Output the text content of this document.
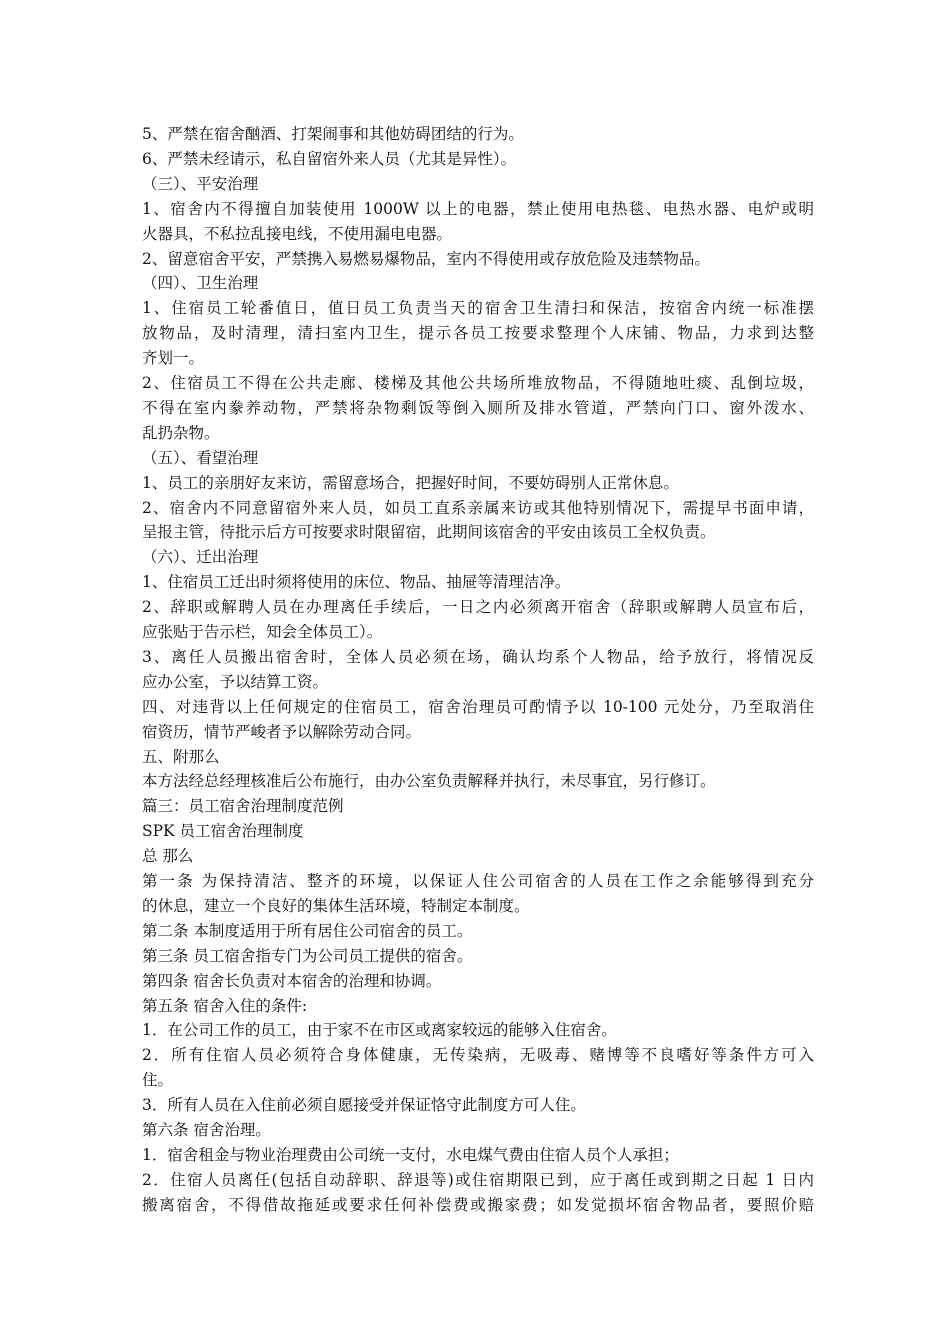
5、严禁在宿舍酗酒、打架闹事和其他妨碍团结的行为。
6、严禁未经请示，私自留宿外来人员（尤其是异性）。
（三）、平安治理
1、宿舍内不得擅自加装使用 1000W 以上的电器，禁止使用电热毯、电热水器、电炉或明
火器具，不私拉乱接电线，不使用漏电电器。
2、留意宿舍平安，严禁携入易燃易爆物品，室内不得使用或存放危险及违禁物品。
（四）、卫生治理
1、住宿员工轮番值日，值日员工负责当天的宿舍卫生清扫和保洁，按宿舍内统一标准摆
放物品，及时清理，清扫室内卫生，提示各员工按要求整理个人床铺、物品，力求到达整
齐划一。
2、住宿员工不得在公共走廊、楼梯及其他公共场所堆放物品，不得随地吐痰、乱倒垃圾，
不得在室内豢养动物，严禁将杂物剩饭等倒入厕所及排水管道，严禁向门口、窗外泼水、
乱扔杂物。
（五）、看望治理
1、员工的亲朋好友来访，需留意场合，把握好时间，不要妨碍别人正常休息。
2、宿舍内不同意留宿外来人员，如员工直系亲属来访或其他特别情况下，需提早书面申请，
呈报主管，待批示后方可按要求时限留宿，此期间该宿舍的平安由该员工全权负责。
（六）、迁出治理
1、住宿员工迁出时须将使用的床位、物品、抽屉等清理洁净。
2、辞职或解聘人员在办理离任手续后，一日之内必须离开宿舍（辞职或解聘人员宣布后，
应张贴于告示栏，知会全体员工）。
3、离任人员搬出宿舍时，全体人员必须在场，确认均系个人物品，给予放行，将情况反
应办公室，予以结算工资。
四、对违背以上任何规定的住宿员工，宿舍治理员可酌情予以 10-100 元处分，乃至取消住
宿资历，情节严峻者予以解除劳动合同。
五、附那么
本方法经总经理核准后公布施行，由办公室负责解释并执行，未尽事宜，另行修订。
篇三：员工宿舍治理制度范例
SPK 员工宿舍治理制度
总 那么
第一条 为保持清洁、整齐的环境，以保证人住公司宿舍的人员在工作之余能够得到充分
的休息，建立一个良好的集体生活环境，特制定本制度。
第二条 本制度适用于所有居住公司宿舍的员工。
第三条 员工宿舍指专门为公司员工提供的宿舍。
第四条 宿舍长负责对本宿舍的治理和协调。
第五条 宿舍入住的条件:
1．在公司工作的员工，由于家不在市区或离家较远的能够入住宿舍。
2．所有住宿人员必须符合身体健康，无传染病，无吸毒、赌博等不良嗜好等条件方可入
住。
3．所有人员在入住前必须自愿接受并保证恪守此制度方可人住。
第六条 宿舍治理。
1．宿舍租金与物业治理费由公司统一支付，水电煤气费由住宿人员个人承担；
2．住宿人员离任(包括自动辞职、辞退等)或住宿期限已到，应于离任或到期之日起 1 日内
搬离宿舍，不得借故拖延或要求任何补偿费或搬家费；如发觉损坏宿舍物品者，要照价赔
